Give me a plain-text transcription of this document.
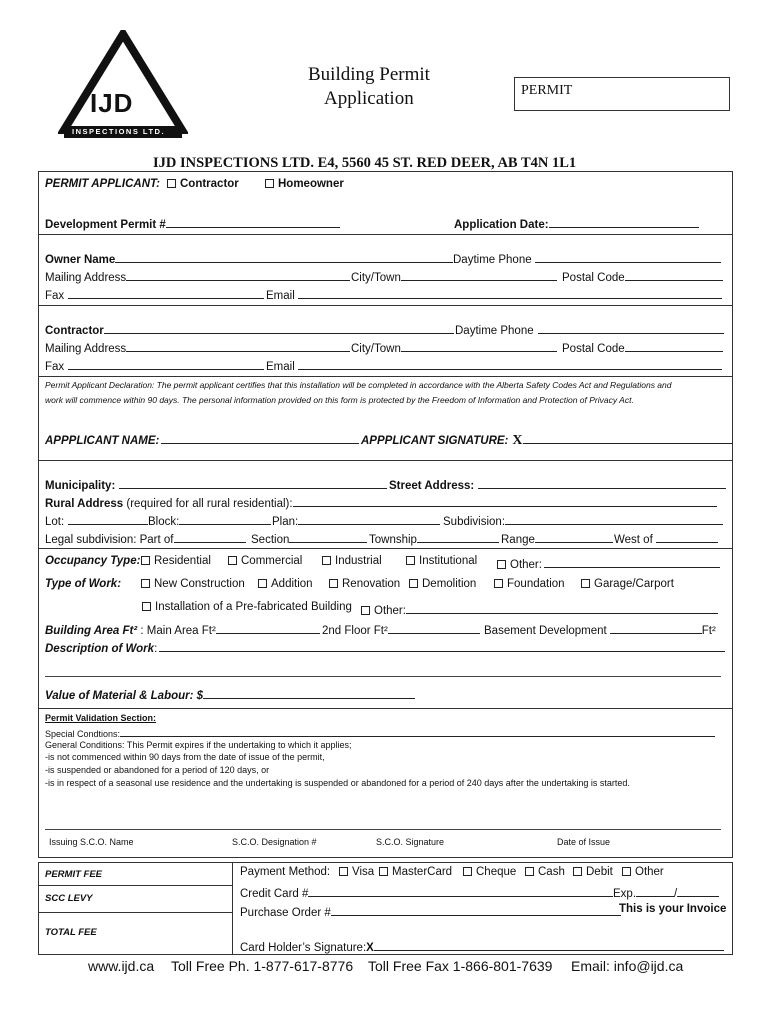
IJD
INSPECTIONS LTD.
Building Permit
Application	PERMIT
IJD INSPECTIONS LTD. E4, 5560 45 ST. RED DEER, AB T4N 1L1
PERMIT APPLICANT:	Contractor	Homeowner
Development Permit #	Application Date:
Owner Name	Daytime Phone
Mailing Address	City/Town	Postal Code
Fax	Email
Contractor	Daytime Phone
Mailing Address	City/Town	Postal Code
Fax	Email
Permit Applicant Declaration: The permit applicant certifies that this installation will be completed in accordance with the Alberta Safety Codes Act and Regulations and
work will commence within 90 days. The personal information provided on this form is protected by the Freedom of Information and Protection of Privacy Act.
APPPLICANT NAME:	APPPLICANT SIGNATURE: X
Municipality:	Street Address:
Rural Address (required for all rural residential):
Lot:	Block:	Plan:	Subdivision:
Legal subdivision: Part of	Section	Township	Range	West of
Occupancy Type:	Residential	Commercial	Industrial	Institutional	Other:
Type of Work:	New Construction	Addition	Renovation	Demolition	Foundation	Garage/Carport
Installation of a Pre-fabricated Building	Other:
Building Area Ft² : Main Area Ft²	2nd Floor Ft²	Basement Development	Ft²
Description of Work:
Value of Material & Labour: $
Permit Validation Section:
Special Condtions:
General Conditions: This Permit expires if the undertaking to which it applies;
-is not commenced within 90 days from the date of issue of the permit,
-is suspended or abandoned for a period of 120 days, or
-is in respect of a seasonal use residence and the undertaking is suspended or abandoned for a period of 240 days after the undertaking is started.
Issuing S.C.O. Name	S.C.O. Designation #	S.C.O. Signature	Date of Issue
PERMIT FEE
SCC LEVY
TOTAL FEE
Payment Method:	Visa	MasterCard	Cheque	Cash	Debit	Other
Credit Card #	Exp.	/
Purchase Order #	This is your Invoice
Card Holder’s Signature:X
www.ijd.ca Toll Free Ph. 1-877-617-8776 Toll Free Fax 1-866-801-7639 Email: info@ijd.ca
